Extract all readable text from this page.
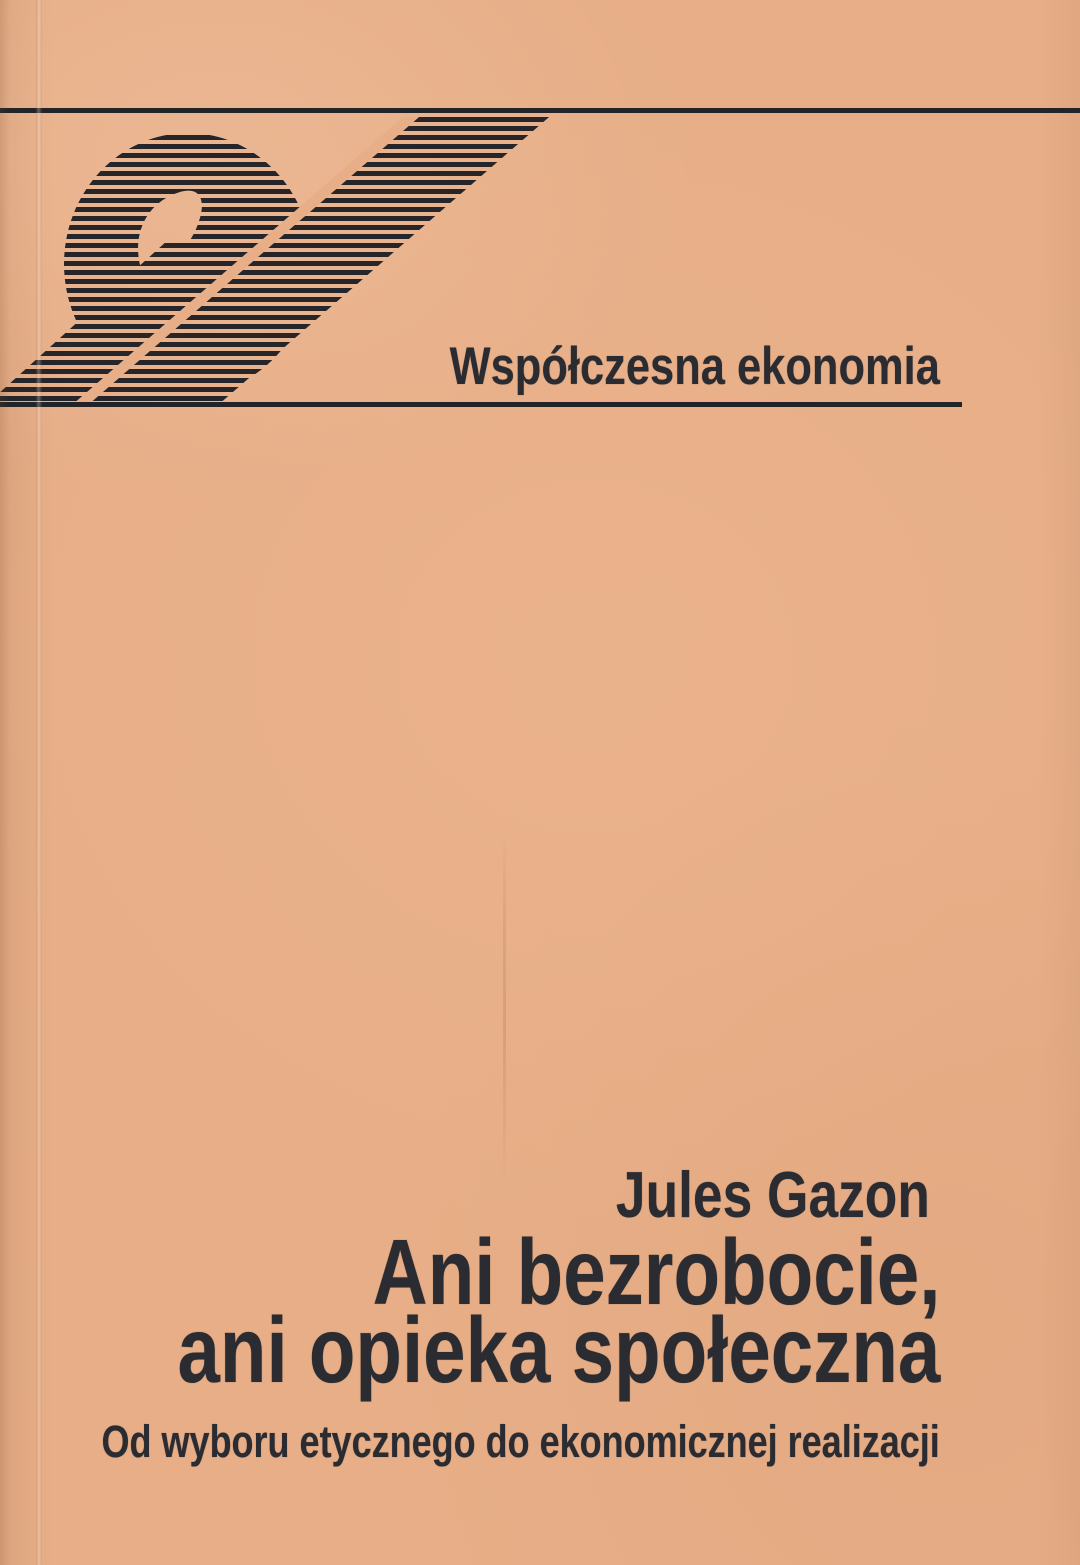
Współczesna ekonomia
Jules Gazon
Ani bezrobocie,
ani opieka społeczna
Od wyboru etycznego do ekonomicznej realizacji
